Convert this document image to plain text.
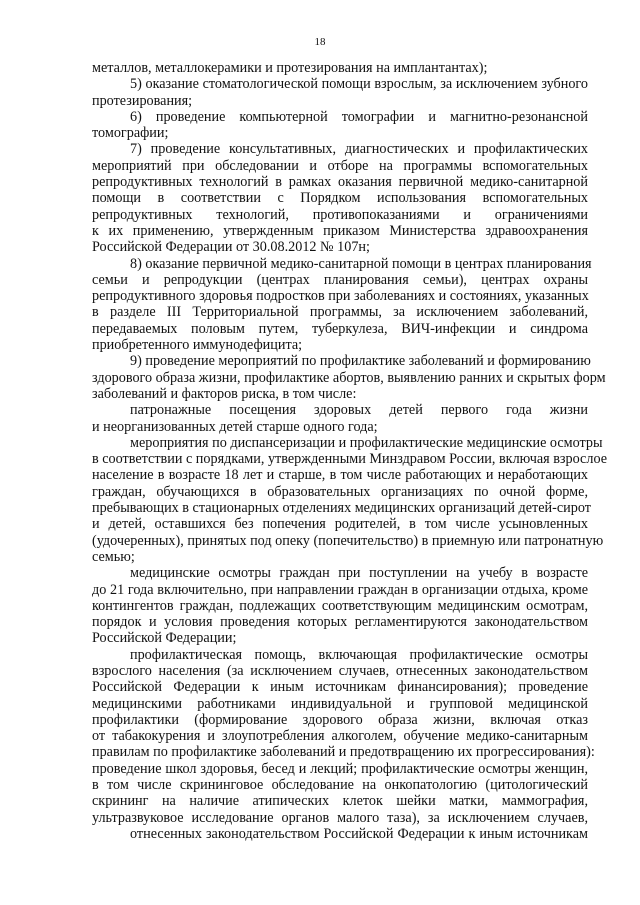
18
металлов, металлокерамики и протезирования на имплантантах);
5) оказание стоматологической помощи взрослым, за исключением зубного
протезирования;
6) проведение компьютерной томографии и магнитно-резонансной
томографии;
7) проведение консультативных, диагностических и профилактических
мероприятий при обследовании и отборе на программы вспомогательных
репродуктивных технологий в рамках оказания первичной медико-санитарной
помощи в соответствии с Порядком использования вспомогательных
репродуктивных технологий, противопоказаниями и ограничениями
к их применению, утвержденным приказом Министерства здравоохранения
Российской Федерации от 30.08.2012 № 107н;
8) оказание первичной медико-санитарной помощи в центрах планирования
семьи и репродукции (центрах планирования семьи), центрах охраны
репродуктивного здоровья подростков при заболеваниях и состояниях, указанных
в разделе III Территориальной программы, за исключением заболеваний,
передаваемых половым путем, туберкулеза, ВИЧ-инфекции и синдрома
приобретенного иммунодефицита;
9) проведение мероприятий по профилактике заболеваний и формированию
здорового образа жизни, профилактике абортов, выявлению ранних и скрытых форм
заболеваний и факторов риска, в том числе:
патронажные посещения здоровых детей первого года жизни
и неорганизованных детей старше одного года;
мероприятия по диспансеризации и профилактические медицинские осмотры
в соответствии с порядками, утвержденными Минздравом России, включая взрослое
население в возрасте 18 лет и старше, в том числе работающих и неработающих
граждан, обучающихся в образовательных организациях по очной форме,
пребывающих в стационарных отделениях медицинских организаций детей-сирот
и детей, оставшихся без попечения родителей, в том числе усыновленных
(удочеренных), принятых под опеку (попечительство) в приемную или патронатную
семью;
медицинские осмотры граждан при поступлении на учебу в возрасте
до 21 года включительно, при направлении граждан в организации отдыха, кроме
контингентов граждан, подлежащих соответствующим медицинским осмотрам,
порядок и условия проведения которых регламентируются законодательством
Российской Федерации;
профилактическая помощь, включающая профилактические осмотры
взрослого населения (за исключением случаев, отнесенных законодательством
Российской Федерации к иным источникам финансирования); проведение
медицинскими работниками индивидуальной и групповой медицинской
профилактики (формирование здорового образа жизни, включая отказ
от табакокурения и злоупотребления алкоголем, обучение медико-санитарным
правилам по профилактике заболеваний и предотвращению их прогрессирования):
проведение школ здоровья, бесед и лекций; профилактические осмотры женщин,
в том числе скрининговое обследование на онкопатологию (цитологический
скрининг на наличие атипических клеток шейки матки, маммография,
ультразвуковое исследование органов малого таза), за исключением случаев,
отнесенных законодательством Российской Федерации к иным источникам
